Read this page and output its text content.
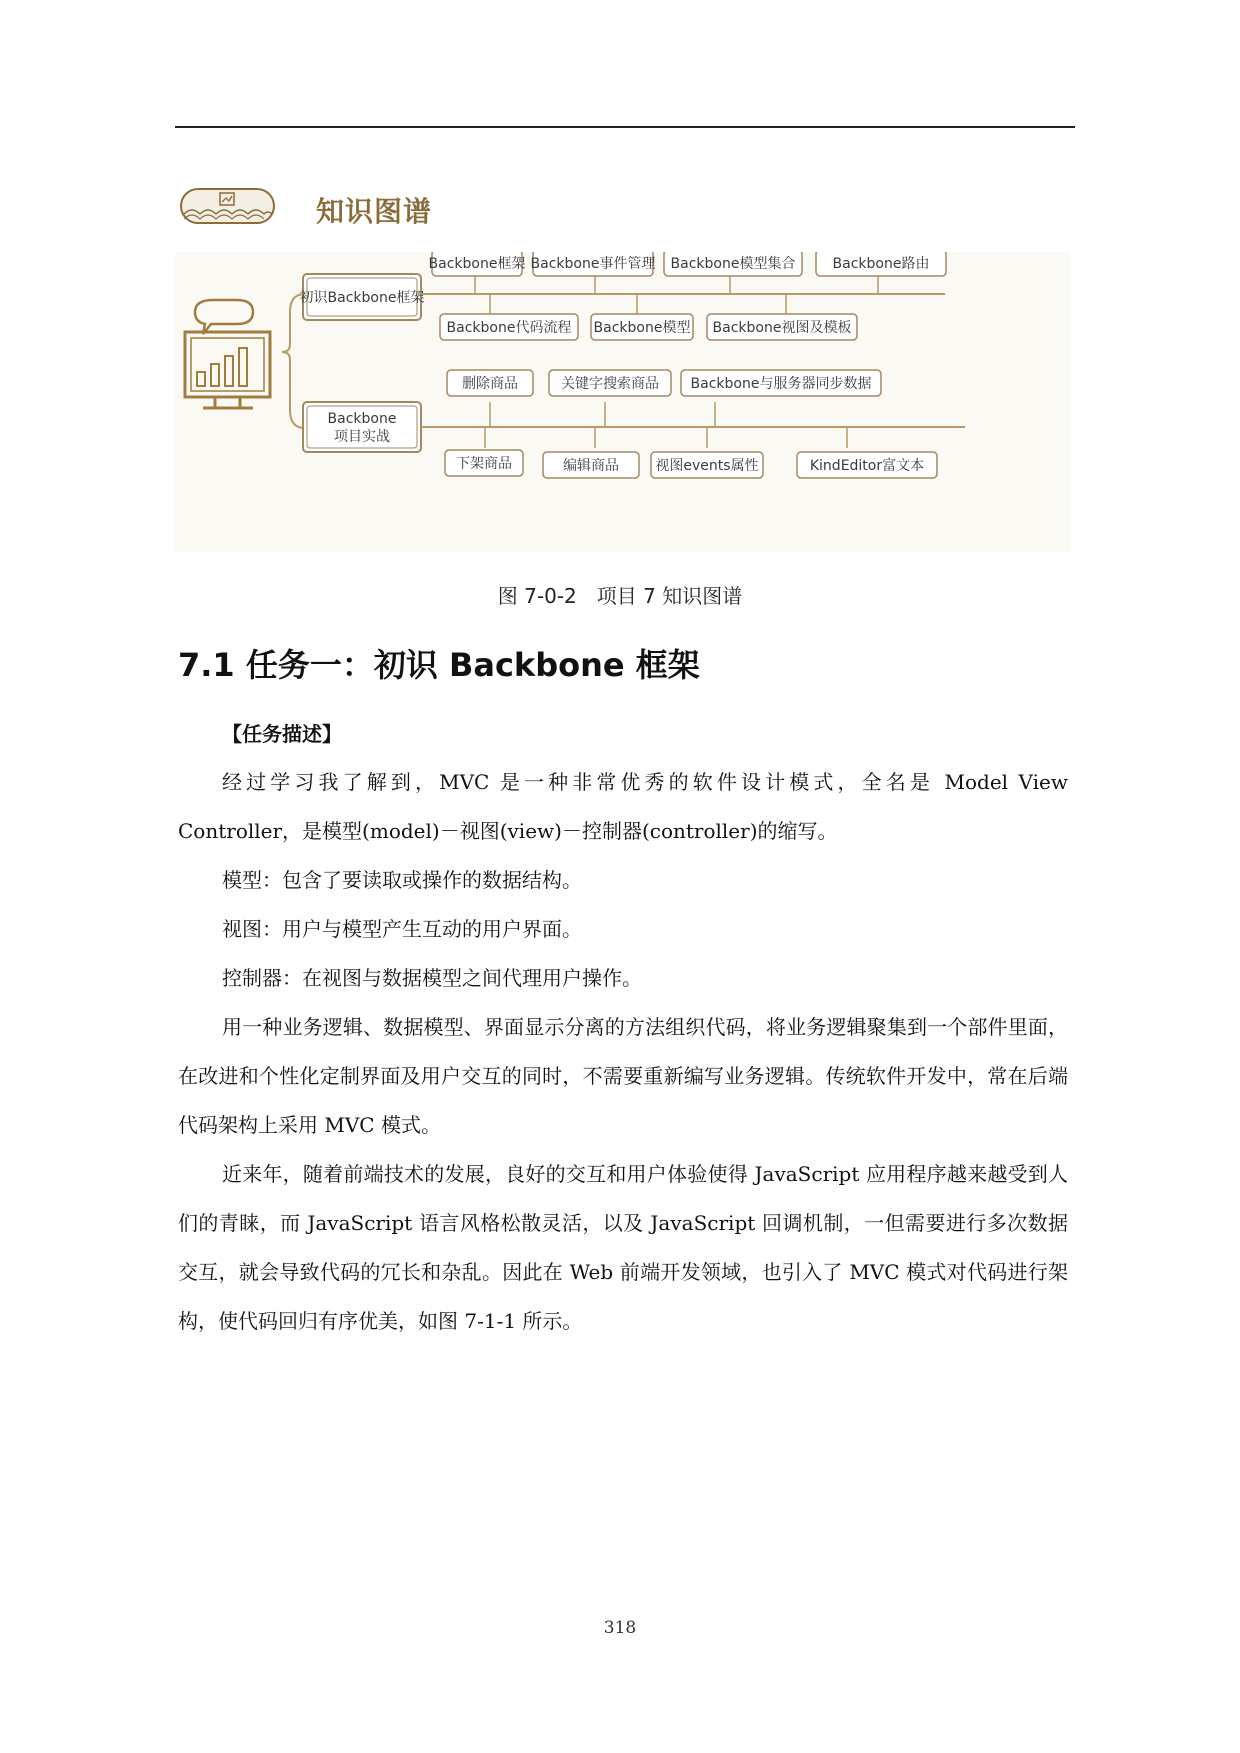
知识图谱
初识Backbone框架
Backbone框架 Backbone事件管理 Backbone模型集合	Backbone路由
Backbone代码流程 Backbone模型 Backbone视图及模板
Backbone
项目实战
删除商品	关键字搜索商品 Backbone与服务器同步数据
下架商品	编辑商品	视图events属性	KindEditor富文本
图 7-0-2　项目 7 知识图谱
7.1 任务一：初识 Backbone 框架
【任务描述】

经过学习我了解到，MVC 是一种非常优秀的软件设计模式，全名是 Model View Controller，是模型(model)－视图(view)－控制器(controller)的缩写。

模型：包含了要读取或操作的数据结构。

视图：用户与模型产生互动的用户界面。

控制器：在视图与数据模型之间代理用户操作。

用一种业务逻辑、数据模型、界面显示分离的方法组织代码，将业务逻辑聚集到一个部件里面，在改进和个性化定制界面及用户交互的同时，不需要重新编写业务逻辑。传统软件开发中，常在后端代码架构上采用 MVC 模式。

近来年，随着前端技术的发展，良好的交互和用户体验使得 JavaScript 应用程序越来越受到人们的青睐，而 JavaScript 语言风格松散灵活，以及 JavaScript 回调机制，一但需要进行多次数据交互，就会导致代码的冗长和杂乱。因此在 Web 前端开发领域，也引入了 MVC 模式对代码进行架构，使代码回归有序优美，如图 7-1-1 所示。

318
